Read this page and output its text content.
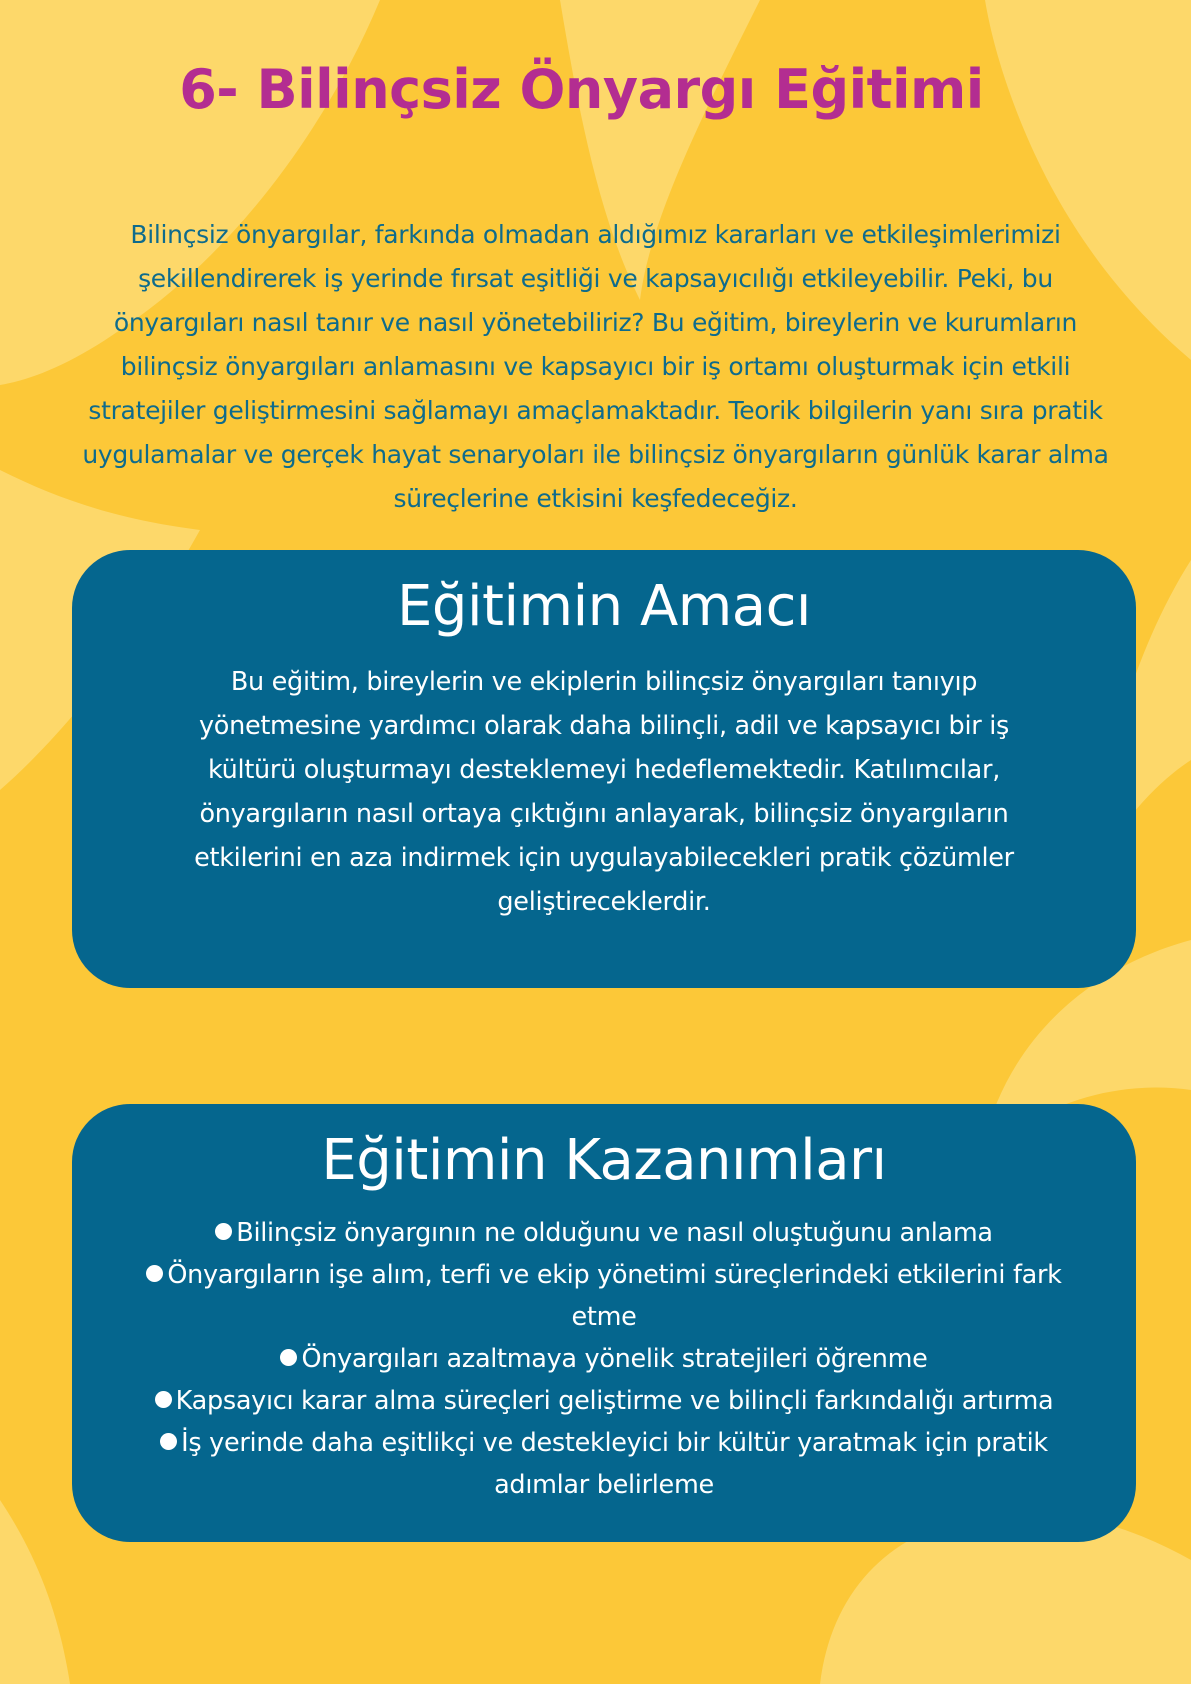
6- Bilinçsiz Önyargı Eğitimi

Bilinçsiz önyargılar, farkında olmadan aldığımız kararları ve etkileşimlerimizi şekillendirerek iş yerinde fırsat eşitliği ve kapsayıcılığı etkileyebilir. Peki, bu önyargıları nasıl tanır ve nasıl yönetebiliriz? Bu eğitim, bireylerin ve kurumların bilinçsiz önyargıları anlamasını ve kapsayıcı bir iş ortamı oluşturmak için etkili stratejiler geliştirmesini sağlamayı amaçlamaktadır. Teorik bilgilerin yanı sıra pratik uygulamalar ve gerçek hayat senaryoları ile bilinçsiz önyargıların günlük karar alma süreçlerine etkisini keşfedeceğiz.

Eğitimin Amacı

Bu eğitim, bireylerin ve ekiplerin bilinçsiz önyargıları tanıyıp yönetmesine yardımcı olarak daha bilinçli, adil ve kapsayıcı bir iş kültürü oluşturmayı desteklemeyi hedeflemektedir. Katılımcılar, önyargıların nasıl ortaya çıktığını anlayarak, bilinçsiz önyargıların etkilerini en aza indirmek için uygulayabilecekleri pratik çözümler geliştireceklerdir.

Eğitimin Kazanımları
Bilinçsiz önyargının ne olduğunu ve nasıl oluştuğunu anlama
Önyargıların işe alım, terfi ve ekip yönetimi süreçlerindeki etkilerini fark etme
Önyargıları azaltmaya yönelik stratejileri öğrenme
Kapsayıcı karar alma süreçleri geliştirme ve bilinçli farkındalığı artırma
İş yerinde daha eşitlikçi ve destekleyici bir kültür yaratmak için pratik adımlar belirleme
